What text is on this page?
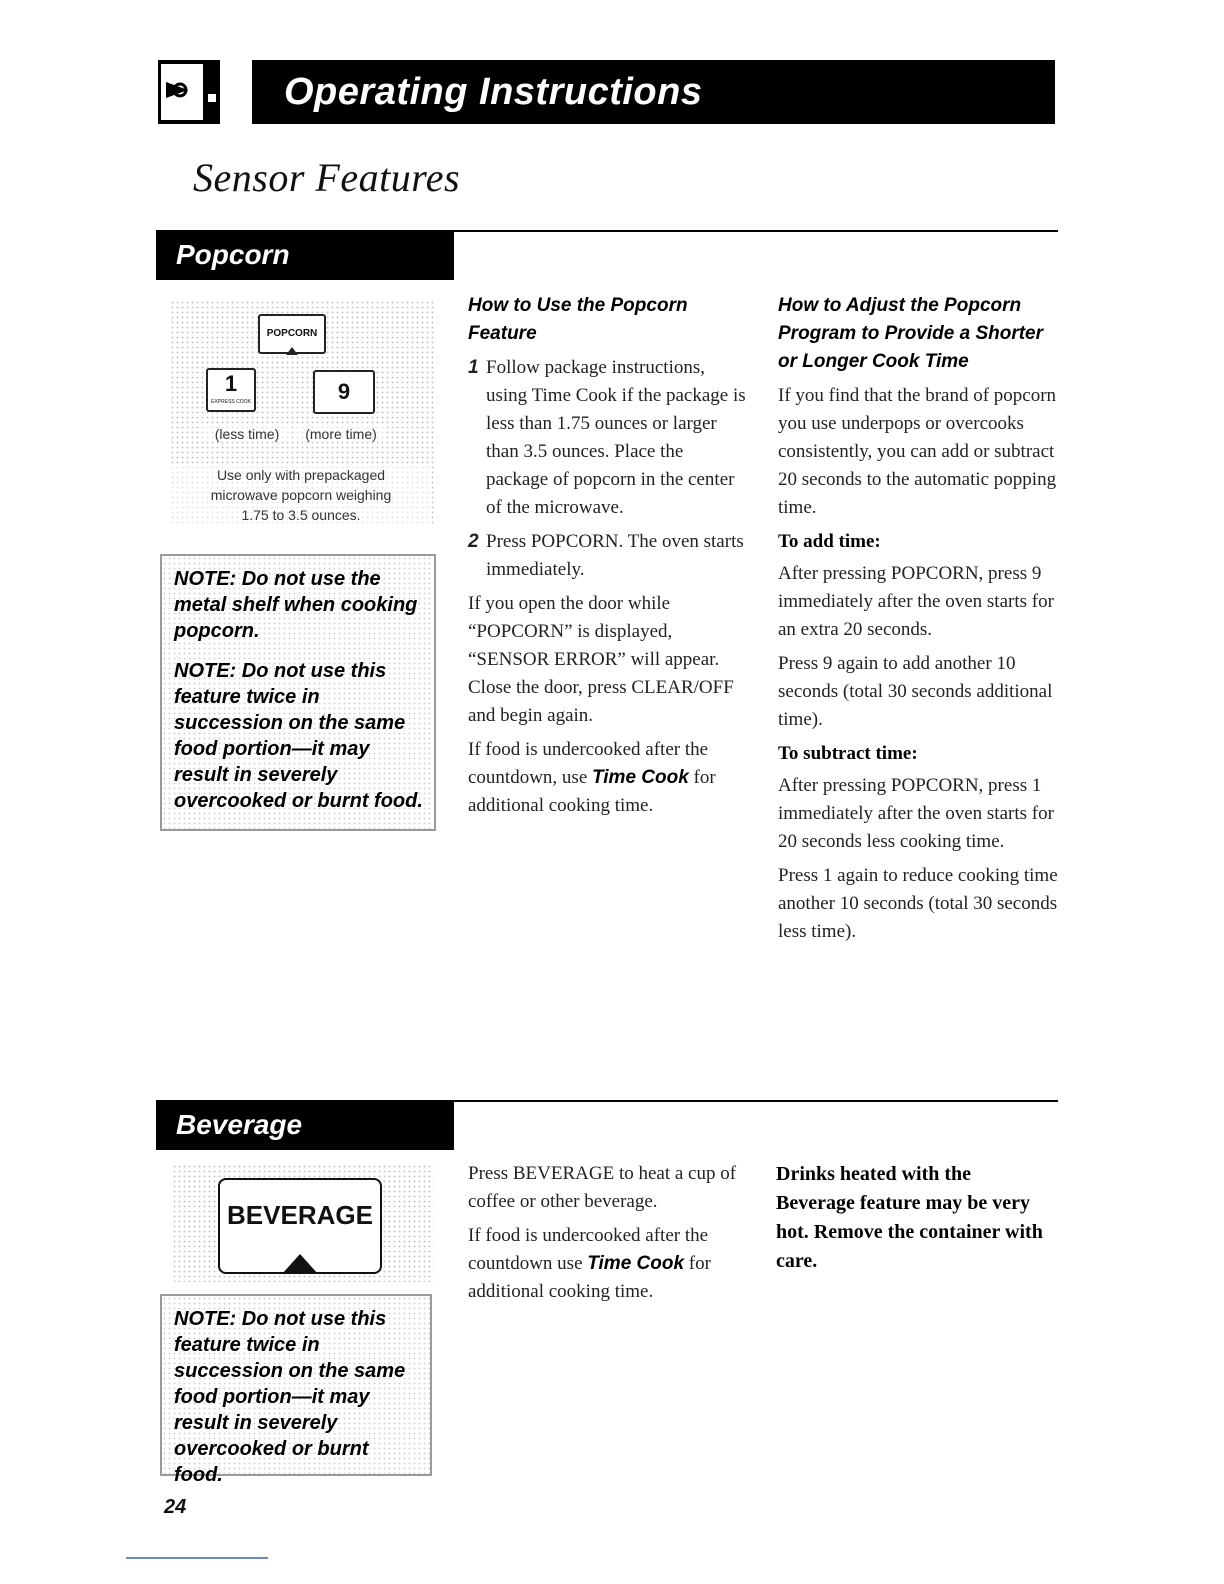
Operating Instructions
Sensor Features
Popcorn
POPCORN
1
EXPRESS COOK	9
(less time)	(more time)
Use only with prepackaged
microwave popcorn weighing
1.75 to 3.5 ounces.

NOTE: Do not use the metal shelf when cooking popcorn.

NOTE: Do not use this feature twice in succession on the same food portion—it may result in severely overcooked or burnt food.

How to Use the Popcorn Feature
1 Follow package instructions, using Time Cook if the package is less than 1.75 ounces or larger than 3.5 ounces. Place the package of popcorn in the center of the microwave.
2 Press POPCORN. The oven starts immediately.

If you open the door while “POPCORN” is displayed, “SENSOR ERROR” will appear. Close the door, press CLEAR/OFF and begin again.

If food is undercooked after the countdown, use Time Cook for additional cooking time.

How to Adjust the Popcorn Program to Provide a Shorter or Longer Cook Time

If you find that the brand of popcorn you use underpops or overcooks consistently, you can add or subtract 20 seconds to the automatic popping time.

To add time:

After pressing POPCORN, press 9 immediately after the oven starts for an extra 20 seconds.

Press 9 again to add another 10 seconds (total 30 seconds additional time).

To subtract time:

After pressing POPCORN, press 1 immediately after the oven starts for 20 seconds less cooking time.

Press 1 again to reduce cooking time another 10 seconds (total 30 seconds less time).

Beverage
BEVERAGE

NOTE: Do not use this feature twice in succession on the same food portion—it may result in severely overcooked or burnt food.

Press BEVERAGE to heat a cup of coffee or other beverage.

If food is undercooked after the countdown use Time Cook for additional cooking time.

Drinks heated with the Beverage feature may be very hot. Remove the container with care.

24
